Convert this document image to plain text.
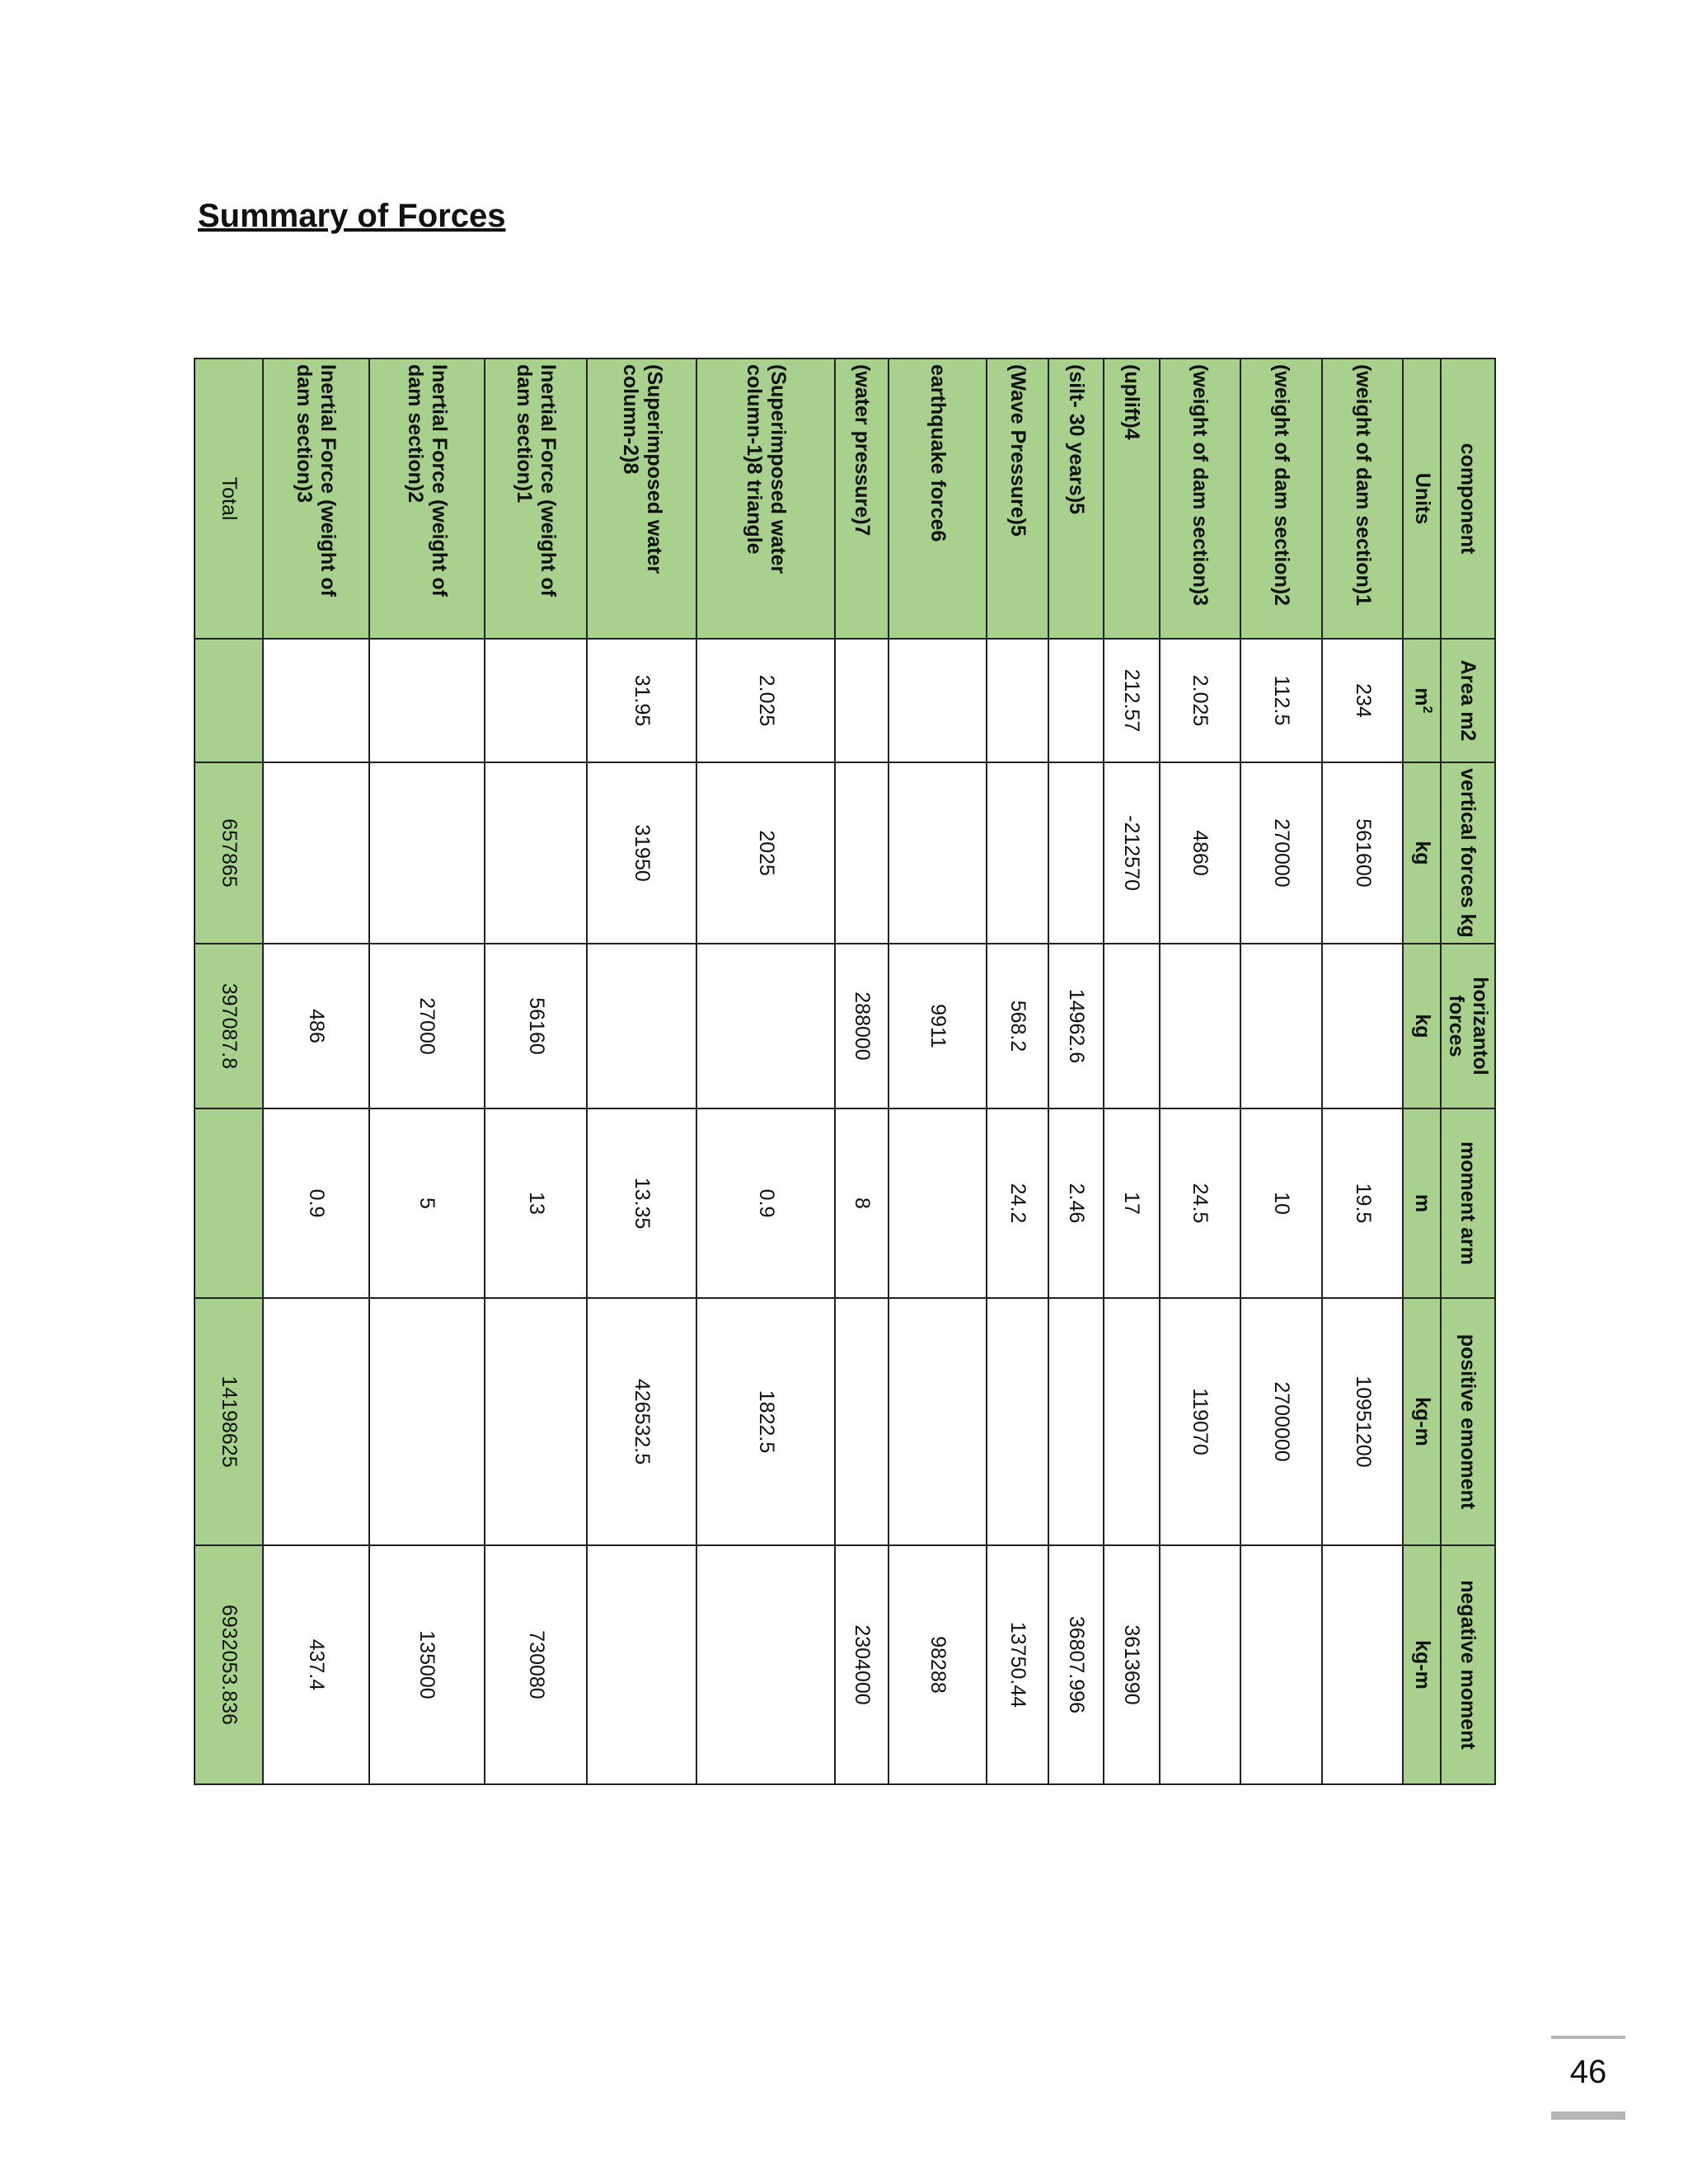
Summary of Forces
component	Area m2	vertical forces kg	horizantol forces	moment arm	positive emoment	negative moment
Units	$m^2$	kg	kg	m	kg-m	kg-m
(weight of dam section)1	234	561600		19.5	10951200	
(weight of dam section)2	112.5	270000		10	2700000	
(weight of dam section)3	2.025	4860		24.5	119070	
(uplift)4	212.57	-212570		17		3613690
(silt- 30 years)5			14962.6	2.46		36807.996
(Wave Pressure)5			568.2	24.2		13750.44
earthquake force6			9911			98288
(water pressure)7			288000	8		2304000
(Superimposed water column-1)8 triangle	2.025	2025		0.9	1822.5	
(Superimposed water column-2)8	31.95	31950		13.35	426532.5	
Inertial Force (weight of dam section)1			56160	13		730080
Inertial Force (weight of dam section)2			27000	5		135000
Inertial Force (weight of dam section)3			486	0.9		437.4
Total		657865	397087.8		14198625	6932053.836
46
